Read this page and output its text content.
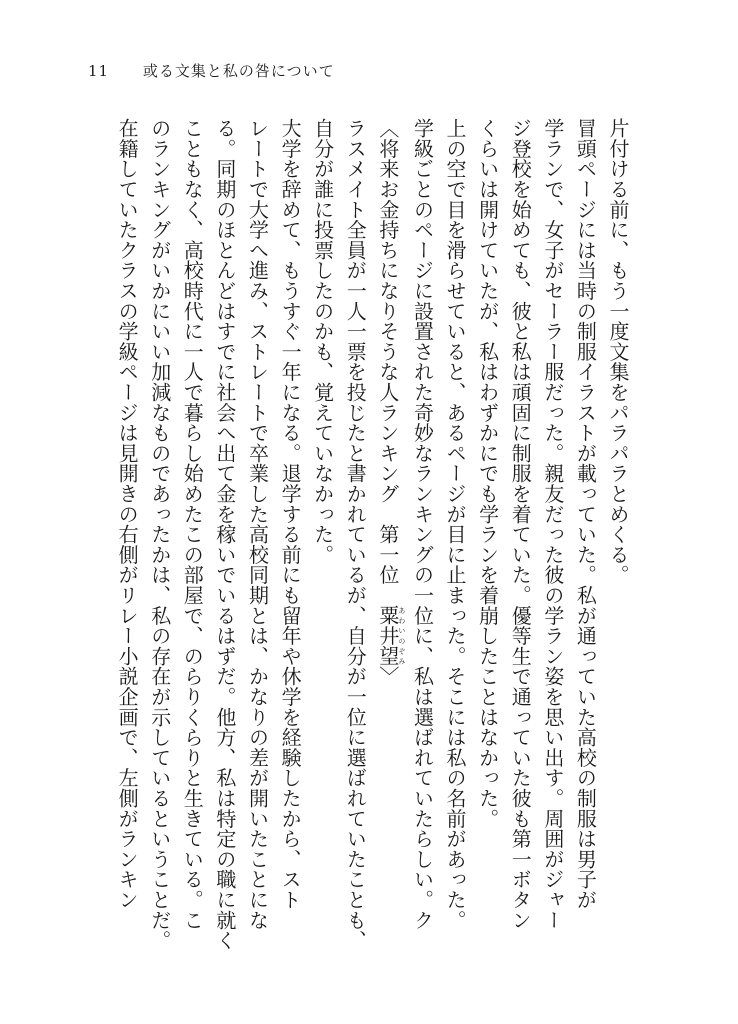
11 或る文集と私の咎について
片付ける前に、もう一度文集をパラパラとめくる。
冒頭ページには当時の制服イラストが載っていた。私が通っていた高校の制服は男子が
学ランで、女子がセーラー服だった。親友だった彼の学ラン姿を思い出す。周囲がジャー
ジ登校を始めても、彼と私は頑固に制服を着ていた。優等生で通っていた彼も第一ボタン
くらいは開けていたが、私はわずかにでも学ランを着崩したことはなかった。
上の空で目を滑らせていると、あるページが目に止まった。そこには私の名前があった。
学級ごとのページに設置された奇妙なランキングの一位に、私は選ばれていたらしい。ク
〈将来お金持ちになりそうな人ランキング　第一位　粟井望あわいのぞみ〉
ラスメイト全員が一人一票を投じたと書かれているが、自分が一位に選ばれていたことも、
自分が誰に投票したのかも、覚えていなかった。
大学を辞めて、もうすぐ一年になる。退学する前にも留年や休学を経験したから、スト
レートで大学へ進み、ストレートで卒業した高校同期とは、かなりの差が開いたことにな
る。同期のほとんどはすでに社会へ出て金を稼いでいるはずだ。他方、私は特定の職に就く
こともなく、高校時代に一人で暮らし始めたこの部屋で、のらりくらりと生きている。こ
のランキングがいかにいい加減なものであったかは、私の存在が示しているということだ。
在籍していたクラスの学級ページは見開きの右側がリレー小説企画で、左側がランキン
